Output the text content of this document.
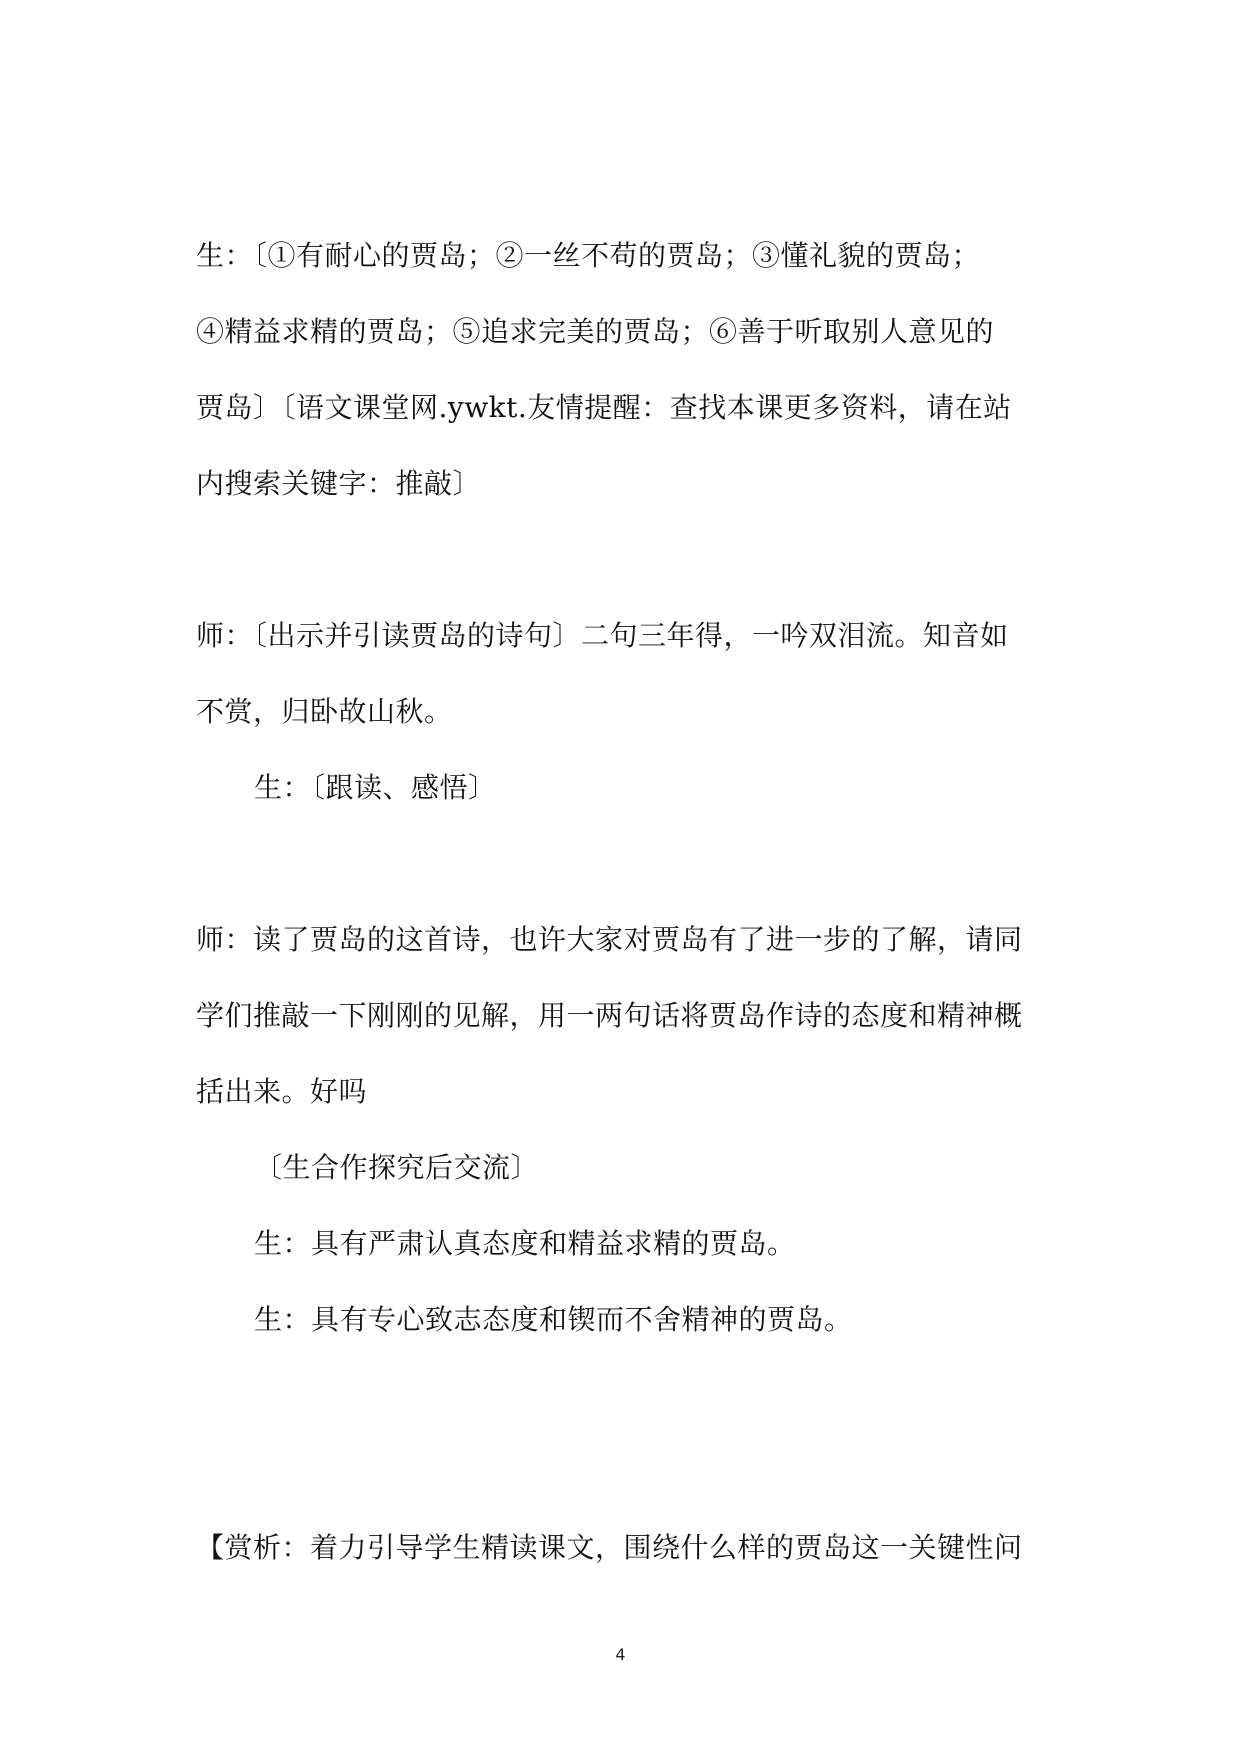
生：〔①有耐心的贾岛；②一丝不苟的贾岛；③懂礼貌的贾岛；
④精益求精的贾岛；⑤追求完美的贾岛；⑥善于听取别人意见的
贾岛〕〔语文课堂网.ywkt.友情提醒：查找本课更多资料，请在站
内搜索关键字：推敲〕
师：〔出示并引读贾岛的诗句〕二句三年得，一吟双泪流。知音如
不赏，归卧故山秋。
生：〔跟读、感悟〕
师：读了贾岛的这首诗，也许大家对贾岛有了进一步的了解，请同
学们推敲一下刚刚的见解，用一两句话将贾岛作诗的态度和精神概
括出来。好吗
〔生合作探究后交流〕
生：具有严肃认真态度和精益求精的贾岛。
生：具有专心致志态度和锲而不舍精神的贾岛。
【赏析：着力引导学生精读课文，围绕什么样的贾岛这一关键性问
4
